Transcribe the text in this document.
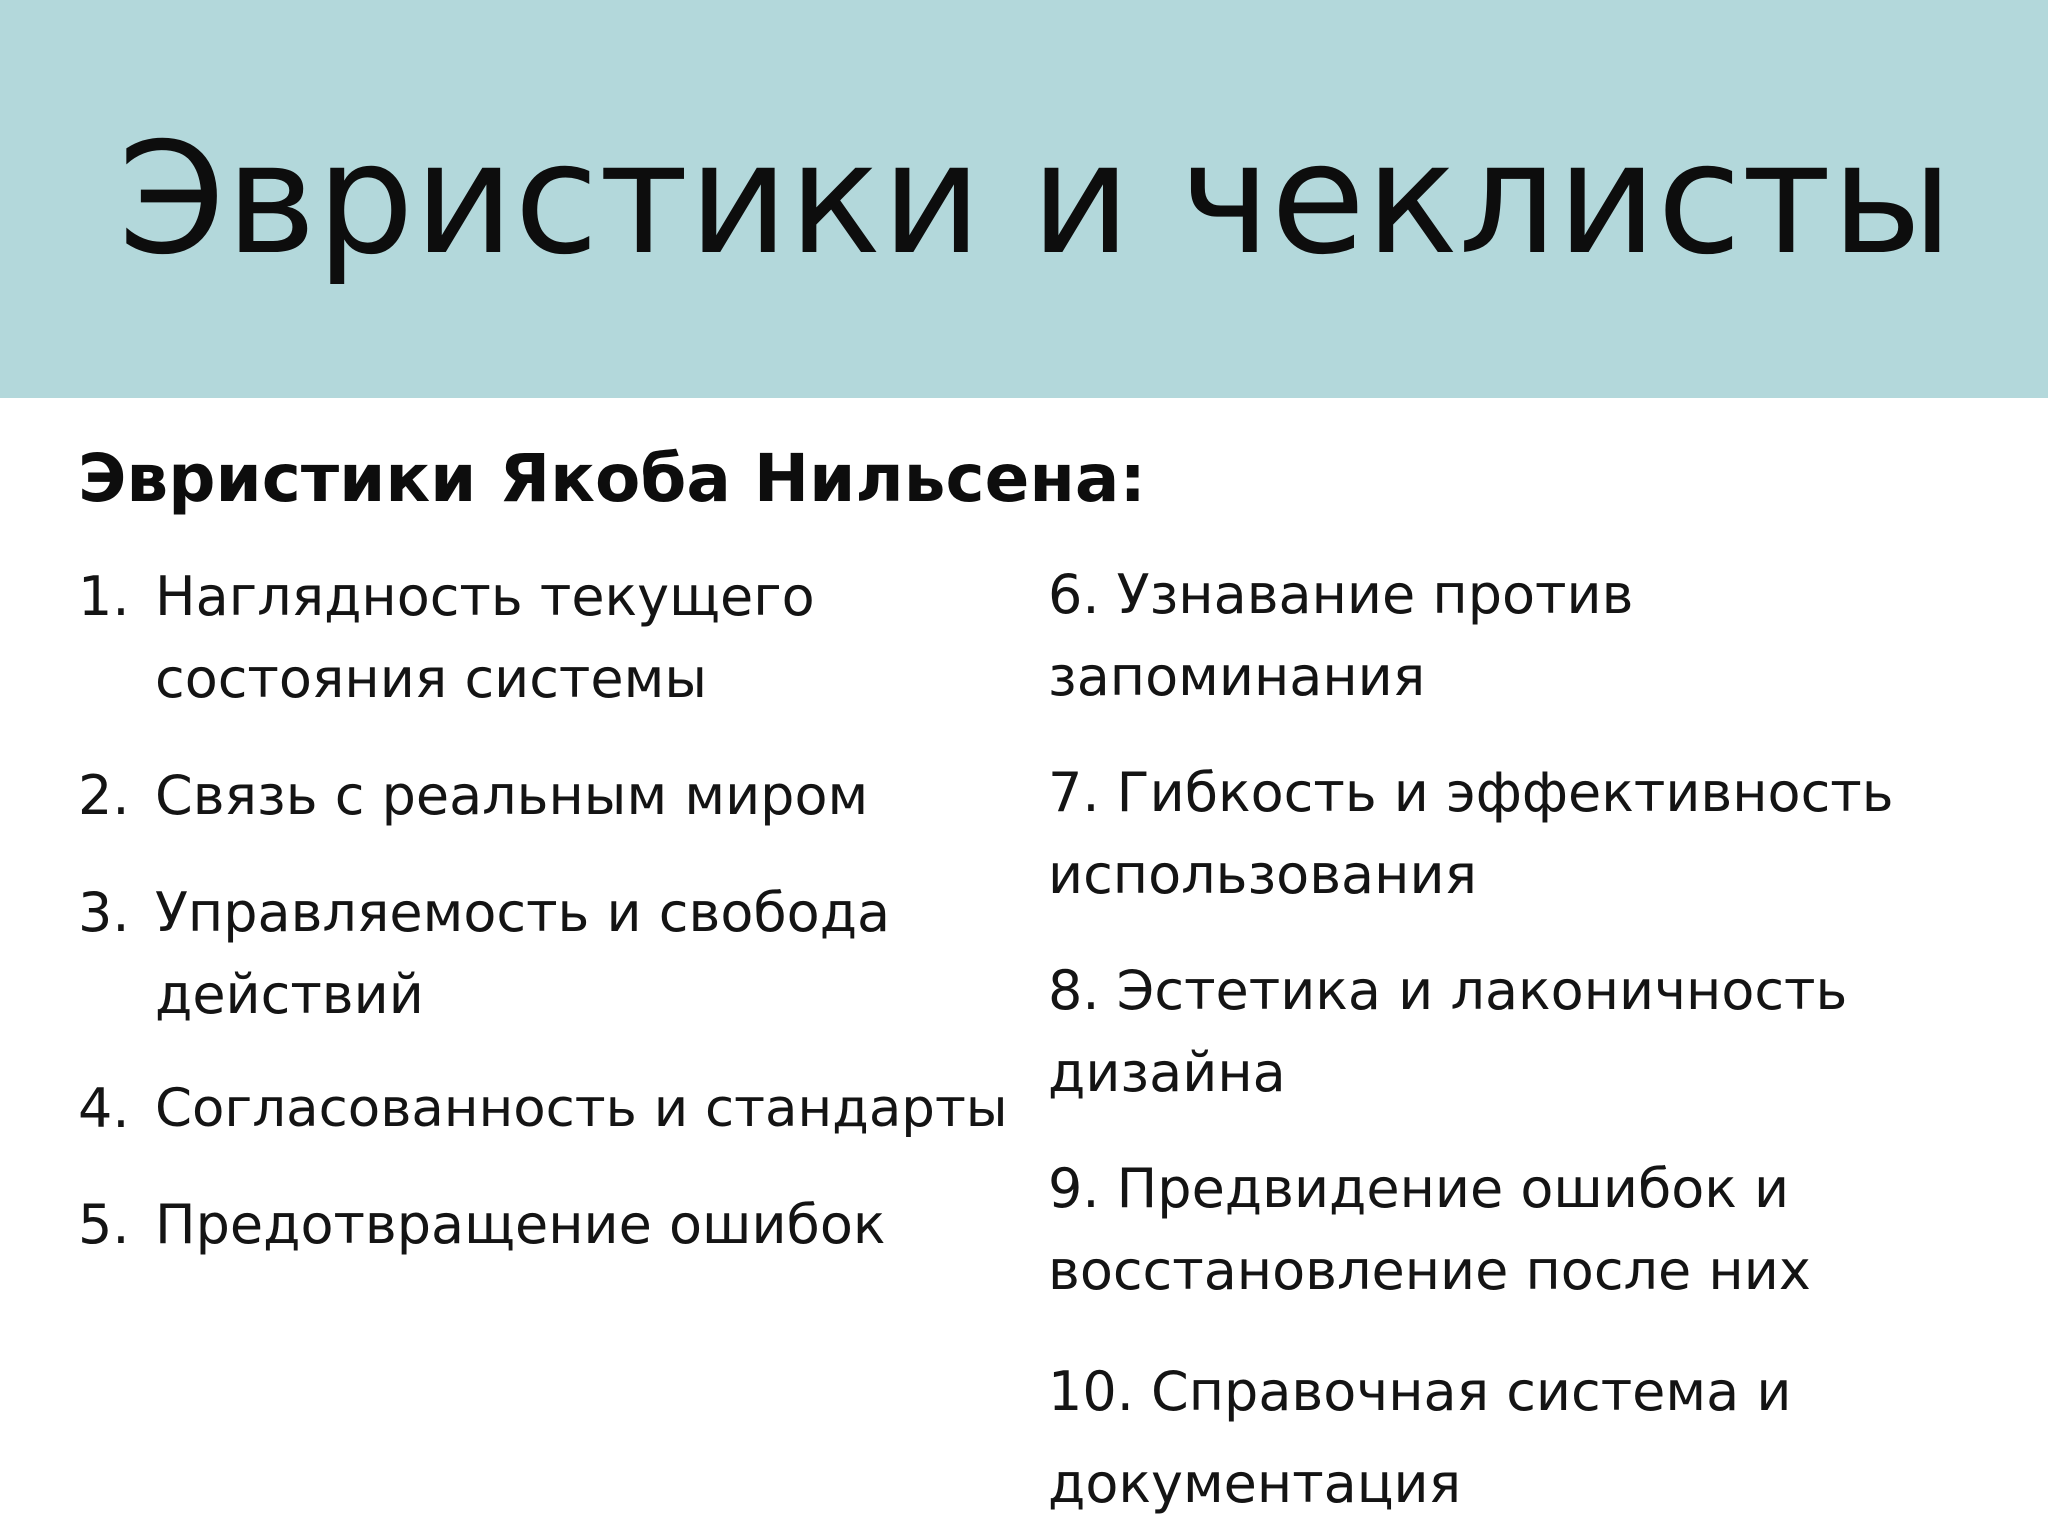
Эвристики и чеклисты
Эвристики Якоба Нильсена:
1. Наглядность текущего состояния системы
2. Связь с реальным миром
3. Управляемость и свобода действий
4. Согласованность и стандарты
5. Предотвращение ошибок
6. Узнавание против запоминания
7. Гибкость и эффективность использования
8. Эстетика и лаконичность дизайна
9. Предвидение ошибок и восстановление после них
10. Справочная система и документация
